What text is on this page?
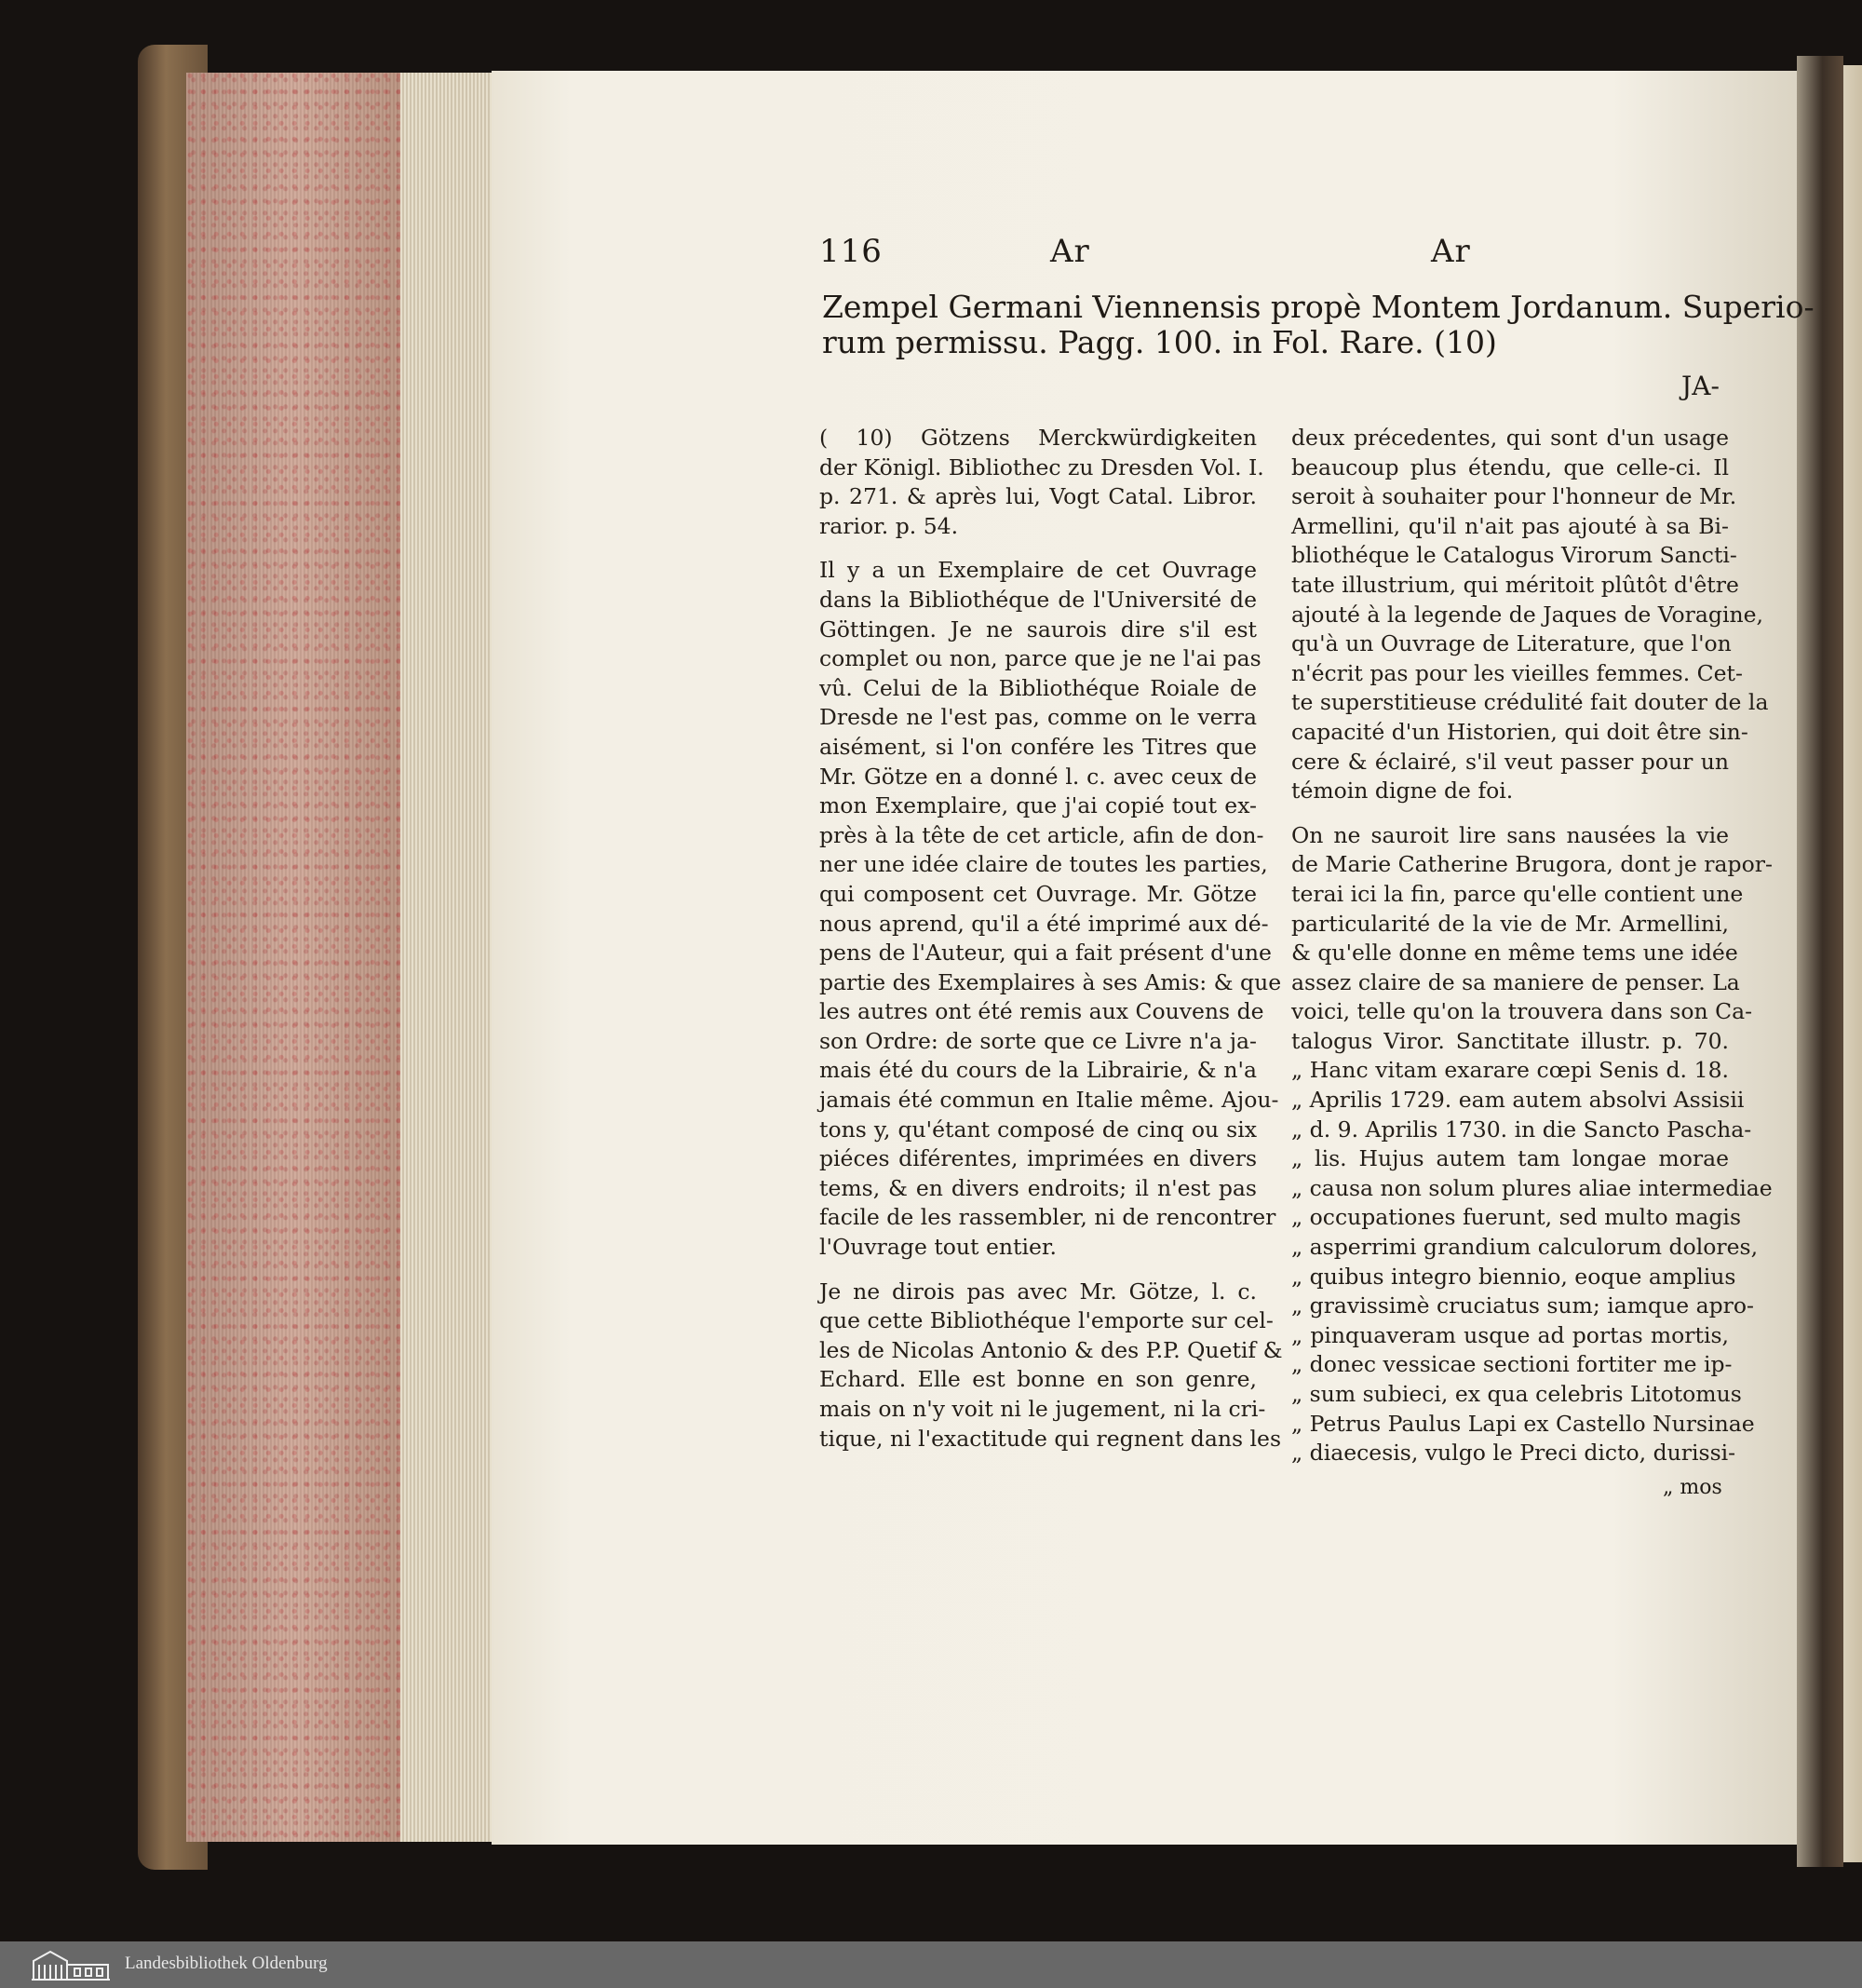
116	Ar	Ar
Zempel Germani Viennensis propè Montem Jordanum. Superio-
rum permissu. Pagg. 100. in Fol. Rare. (10)
JA-
( 10) Götzens Merckwürdigkeiten
der Königl. Bibliothec zu Dresden Vol. I.
p. 271. & après lui, Vogt Catal. Libror.
rarior. p. 54.
Il y a un Exemplaire de cet Ouvrage
dans la Bibliothéque de l'Université de
Göttingen. Je ne saurois dire s'il est
complet ou non, parce que je ne l'ai pas
vû. Celui de la Bibliothéque Roiale de
Dresde ne l'est pas, comme on le verra
aisément, si l'on confére les Titres que
Mr. Götze en a donné l. c. avec ceux de
mon Exemplaire, que j'ai copié tout ex-
près à la tête de cet article, afin de don-
ner une idée claire de toutes les parties,
qui composent cet Ouvrage. Mr. Götze
nous aprend, qu'il a été imprimé aux dé-
pens de l'Auteur, qui a fait présent d'une
partie des Exemplaires à ses Amis: & que
les autres ont été remis aux Couvens de
son Ordre: de sorte que ce Livre n'a ja-
mais été du cours de la Librairie, & n'a
jamais été commun en Italie même. Ajou-
tons y, qu'étant composé de cinq ou six
piéces diférentes, imprimées en divers
tems, & en divers endroits; il n'est pas
facile de les rassembler, ni de rencontrer
l'Ouvrage tout entier.
Je ne dirois pas avec Mr. Götze, l. c.
que cette Bibliothéque l'emporte sur cel-
les de Nicolas Antonio & des P.P. Quetif &
Echard. Elle est bonne en son genre,
mais on n'y voit ni le jugement, ni la cri-
tique, ni l'exactitude qui regnent dans les
deux précedentes, qui sont d'un usage
beaucoup plus étendu, que celle-ci. Il
seroit à souhaiter pour l'honneur de Mr.
Armellini, qu'il n'ait pas ajouté à sa Bi-
bliothéque le Catalogus Virorum Sancti-
tate illustrium, qui méritoit plûtôt d'être
ajouté à la legende de Jaques de Voragine,
qu'à un Ouvrage de Literature, que l'on
n'écrit pas pour les vieilles femmes. Cet-
te superstitieuse crédulité fait douter de la
capacité d'un Historien, qui doit être sin-
cere & éclairé, s'il veut passer pour un
témoin digne de foi.
On ne sauroit lire sans nausées la vie
de Marie Catherine Brugora, dont je rapor-
terai ici la fin, parce qu'elle contient une
particularité de la vie de Mr. Armellini,
& qu'elle donne en même tems une idée
assez claire de sa maniere de penser. La
voici, telle qu'on la trouvera dans son Ca-
talogus Viror. Sanctitate illustr. p. 70.
„ Hanc vitam exarare cœpi Senis d. 18.
„ Aprilis 1729. eam autem absolvi Assisii
„ d. 9. Aprilis 1730. in die Sancto Pascha-
„ lis. Hujus autem tam longae morae
„ causa non solum plures aliae intermediae
„ occupationes fuerunt, sed multo magis
„ asperrimi grandium calculorum dolores,
„ quibus integro biennio, eoque amplius
„ gravissimè cruciatus sum; iamque apro-
„ pinquaveram usque ad portas mortis,
„ donec vessicae sectioni fortiter me ip-
„ sum subieci, ex qua celebris Litotomus
„ Petrus Paulus Lapi ex Castello Nursinae
„ diaecesis, vulgo le Preci dicto, durissi-
„ mos
Landesbibliothek Oldenburg
